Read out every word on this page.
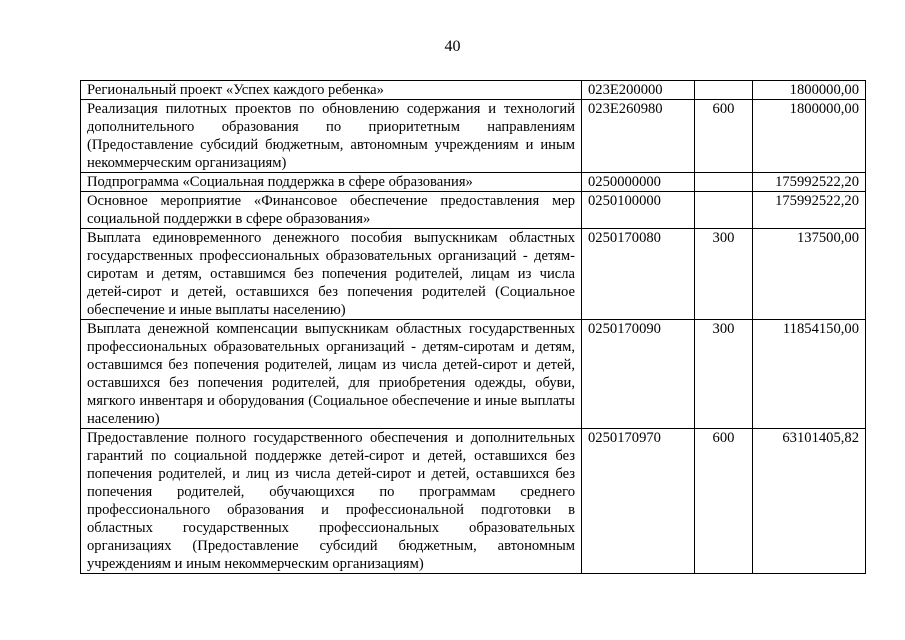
40
Региональный проект «Успех каждого ребенка»	023E200000		1800000,00

Реализация пилотных проектов по обновлению содержания и технологий дополнительного образования по приоритетным направлениям (Предоставление субсидий бюджетным, автономным учреждениям и иным некоммерческим организациям)	023E260980	600	1800000,00

Подпрограмма «Социальная поддержка в сфере образования»	0250000000		175992522,20

Основное мероприятие «Финансовое обеспечение предоставления мер социальной поддержки в сфере образования»	0250100000		175992522,20

Выплата единовременного денежного пособия выпускникам областных государственных профессиональных образовательных организаций - детям-сиротам и детям, оставшимся без попечения родителей, лицам из числа детей-сирот и детей, оставшихся без попечения родителей (Социальное обеспечение и иные выплаты населению)	0250170080	300	137500,00

Выплата денежной компенсации выпускникам областных государственных профессиональных образовательных организаций - детям-сиротам и детям, оставшимся без попечения родителей, лицам из числа детей-сирот и детей, оставшихся без попечения родителей, для приобретения одежды, обуви, мягкого инвентаря и оборудования (Социальное обеспечение и иные выплаты населению)	0250170090	300	11854150,00

Предоставление полного государственного обеспечения и дополнительных гарантий по социальной поддержке детей-сирот и детей, оставшихся без попечения родителей, и лиц из числа детей-сирот и детей, оставшихся без попечения родителей, обучающихся по программам среднего профессионального образования и профессиональной подготовки в областных государственных профессиональных образовательных организациях (Предоставление субсидий бюджетным, автономным учреждениям и иным некоммерческим организациям)	0250170970	600	63101405,82
